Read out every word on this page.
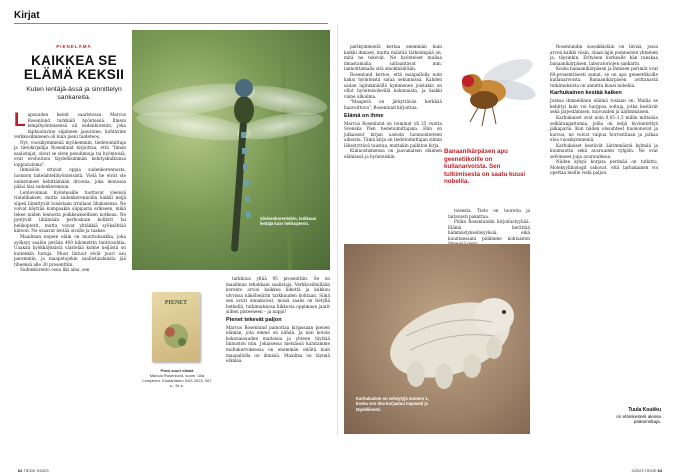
Kirjat
PIENELÄMÄ
KAIKKEA SE ELÄMÄ KEKSII
Kuten lentäjä-ässä ja sinnittelyn sankareita.
Sininenkorentokin, tarkkuus lentäjä kuin helikopterin.

Lapsuuden keinit saaristossa Marcus Rosenlund tarkkaili hyönteisiä. Ilmeni lempihyönteisensä oli sudenkorento, joka täpkuuluvine siipineen jaauroine, kohtavine verkkosilmineen oli kuin pieni taideteos.

Nyt, vuosikymmeniä myöhemmin, tiedetoimittaja ja tietokirjailija Rosenlund kirjoittaa, että "Ilman saalistajat, olivat se siten pesulinnuja tai hyönteisiä, ovat evoluution täydellisimmän kehityskulkunsa loppiutuloma".

Ihmisöön ottavat oppia sudenkorennosta, luonnon taitelahtelihyönteisistä. Vielä he eivät ole onnistuneet kehittämään droonia, joka lennossa pääsi täsi sudenkorennon.

Lentovoiman hyönteisille tuottavat yleensä rintalihakset, mutta sudenkorennoilla kaikki neljä siipeä liimittyvät toisistaan irrallaan lihaksiensa. Ne voivat käyttää kumpaakin siipiparia erikseen, mikä tekee niiden lennosta poikkeuksellisen notkeaa. Ne pystyvät liitämään perhoskuin kolibrit tai helikopterit, mutta voivat yhtäkkiä syöksähtää kiitoon. Ne osaavat lentää sivulle ja taakse.

Maailman nopein eläin on muuttohaukka, joka syöksyy saaliin perään 400 kilometrin tuntivauhtia. Uaakan hyökkäyksistä väistelää kolme neljästä on kuitenkin hutuja. Muut lintuut eivät juuri osu paremmin, ja maapetojekin saaliistaiskuista jää tiheensä alle 30 prosenttiin.

Sudenkorento osuu liki aina, sen

PIENET
Piani suuri elämä
Marcus Rosenlund, suom. Ulla Lempinen. Kustantamo S&S 2023. 267 s., 34 e.

tarkkuus yltää 95 prosenttiin. Se on maailman tehokkain saalistaja. Verkkosilmillään korento arvioi kaikkea liikettä ja kiikkuu ulvvissa näköhenirin tarkkuuden kohtaan. Siinä sen avuri ennakoivat, missä saalis on tietyllä hetkellä, tutkimuksissa liikkuvia oppimaan jaarit siihen pisteeseen – ja nappi!

Pienet tekevät paljon

Marcus Rosenlund painottaa kirjassaan pienen elämän, jota emme on nähdä. Ja niin kotoin kokonaisuuden maitoisia ja yhteen täyttää linnuston niin. Jokaisessa metsässä kulutamme multakerroksessa on enemmän eliöitä kuin maapallolla on ihmisiä. Maailma on täynnä elämää.

62 TIEDE 3/2023

parikymmentä kertaa enemmän kuin kaikki ihmiset, mutta määrää tärkeämpää on, mitä ne tekevät. Ne hyönteiset mullaa ilmastamalla, saltaantavat mm. lannoittamalla sitä sinokmäärään.

Rosenlund kertoo, että maapallolla noin kaksi hyönteistä sataa sekunnissa. Kahden sadan lajitukinäöllä kymmenen joistakin on ollut hyönteisolevillä kokonaista, ja kaikki viime ulkoilma.

"Maaperä on järkyttävän herkkää haavoittuva", Rosenlund kirjoittaa.

Elämä on ihme

Marcus Rosenlund on toiminut yli 25 vuotta Svenska Ylen tiedetoimittajana. Hän on julkaissut kirjan useista luonnontieteen aiheista. Tämä kirja on tiedetoimittajan silmin lähestyttävä taustaa, muttakin palkiton kirja.

Kiinnostuksensa on jaavanaisen eläimen elämässä ja hyönteiskin.

Banaanikärpäsen apu geenetiikoille on kullanarvoista. Sen tutkimisesta on saatu kuusi nobeliia.

toisesta. Tieto on tuoreita ja taitavasti pakattua.

Pidän Rosenlundin kirjoitustyyliää. Elämä herättää hämmästyksellisyyksiä, eikä kuuntaessani pidämme kohtaisten

Karhukainen on selviytyjä numero 1, koska sen dna korjaatuu nopeasti ja täydellisesti.

Rosenlundin suosikkieläin on tiivisä, jossa arvon kaikki viisin, olaan lajin pomnesten yhteinen ja, täysinkin. Erityisen korkealle hän ranskaa banaanikärpäsen, laboratoriojen sankarin.

Koska banaanikärpäsen ja ihmisen perimät ovat 60-prosenttisesti samat, se on apu geneettikoille kullanarvoista. Banaanikärpäsen avittanastä tutkimuksista on annettu kuusi nobeliia.

Karhukainen kestää kaiken

Joskus ihmeellinen eläimä tosiaan on. Mallia se kehittyi kuin voi harppoa soltuja, jotka kestävät sekä järjestämisen, kuivuuden ja äärimmäisen.

Karhukaiset ovat noin 0,05–1,5 millin mittaisia selkärangattomia, joilla on neljä hyvinntettyä jalkaparia. Kun niiden olosuhteet huononevat ja kuivuu, ne voivat vaipua horrostilaan ja jatkaa eloa vuosikymmeniä.

Karhukaiset kestävät äärimmäistä kylmää ja kuumuutta sekä avaruuden tyhjiön. Ne ovat selvinneet jopa avaruudessa.

Niiden kykyä korjata perimää on tutkittu. Molekyylibiologit uskovat, että tarhakainen voi opettaa meille vielä paljon.

Tuula Koukku
on eläinkeskeli alessa päätoimittaja.
3/2023 TIEDE 63
